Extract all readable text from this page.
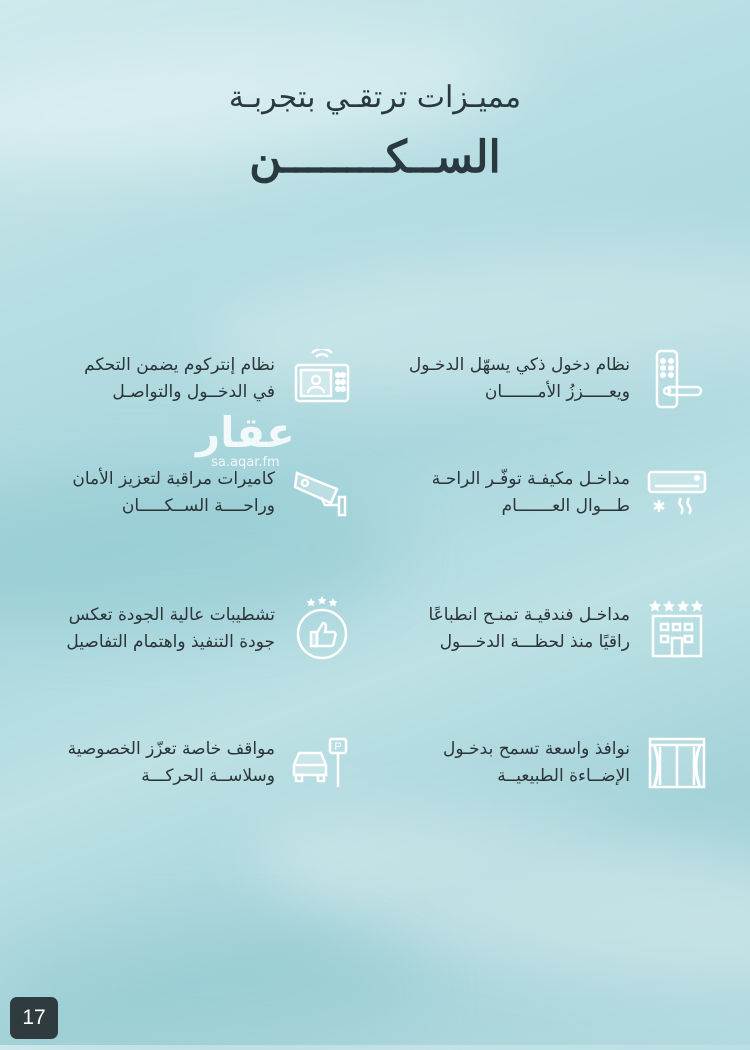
مميـزات ترتقـي بتجربـة
الســكــــــــن
عقار
sa.aqar.fm
نظام دخول ذكي يسهّل الدخـول
ويعـــــززُ الأمـــــــان
نظام إنتركوم يضمن التحكم
في الدخــول والتواصـل
مداخـل مكيفـة توفّـر الراحـة
طـــوال العـــــــام
كاميرات مراقبة لتعزيز الأمان
وراحــــة الســكـــــان
مداخـل فندقيـة تمنـح انطباعًا
راقيًا منذ لحظـــة الدخـــول
تشطيبات عالية الجودة تعكس
جودة التنفيذ واهتمام التفاصيل
نوافذ واسعة تسمح بدخـول
الإضــاءة الطبيعيــة
مواقف خاصة تعزّز الخصوصية
وسلاســة الحركـــة
P
17
